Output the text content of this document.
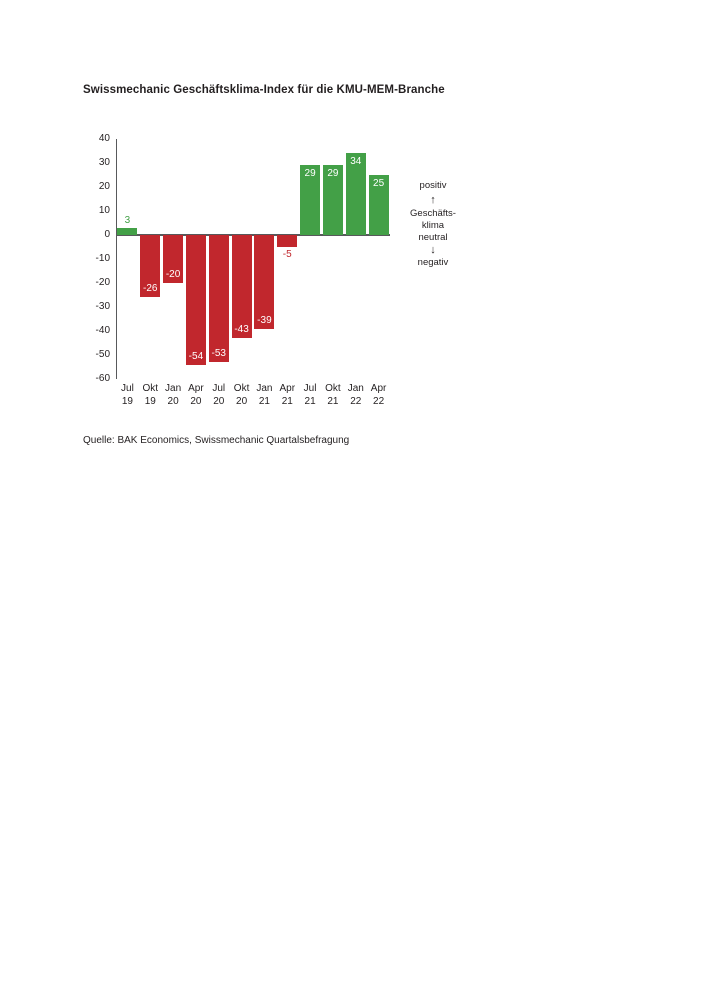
Swissmechanic Geschäftsklima-Index für die KMU-MEM-Branche
40
30
20
10
0
-10
-20
-30
-40
-50
-60
3
-26
-20
-54 -53
-43
-39
-5
29	29
34
25
Jul
19
Okt
19
Jan
20
Apr
20
Jul
20
Okt
20
Jan
21
Apr
21
Jul
21
Okt
21
Jan
22
Apr
22
positiv
↑
Geschäfts-
klima
neutral
↓
negativ
Quelle: BAK Economics, Swissmechanic Quartalsbefragung
